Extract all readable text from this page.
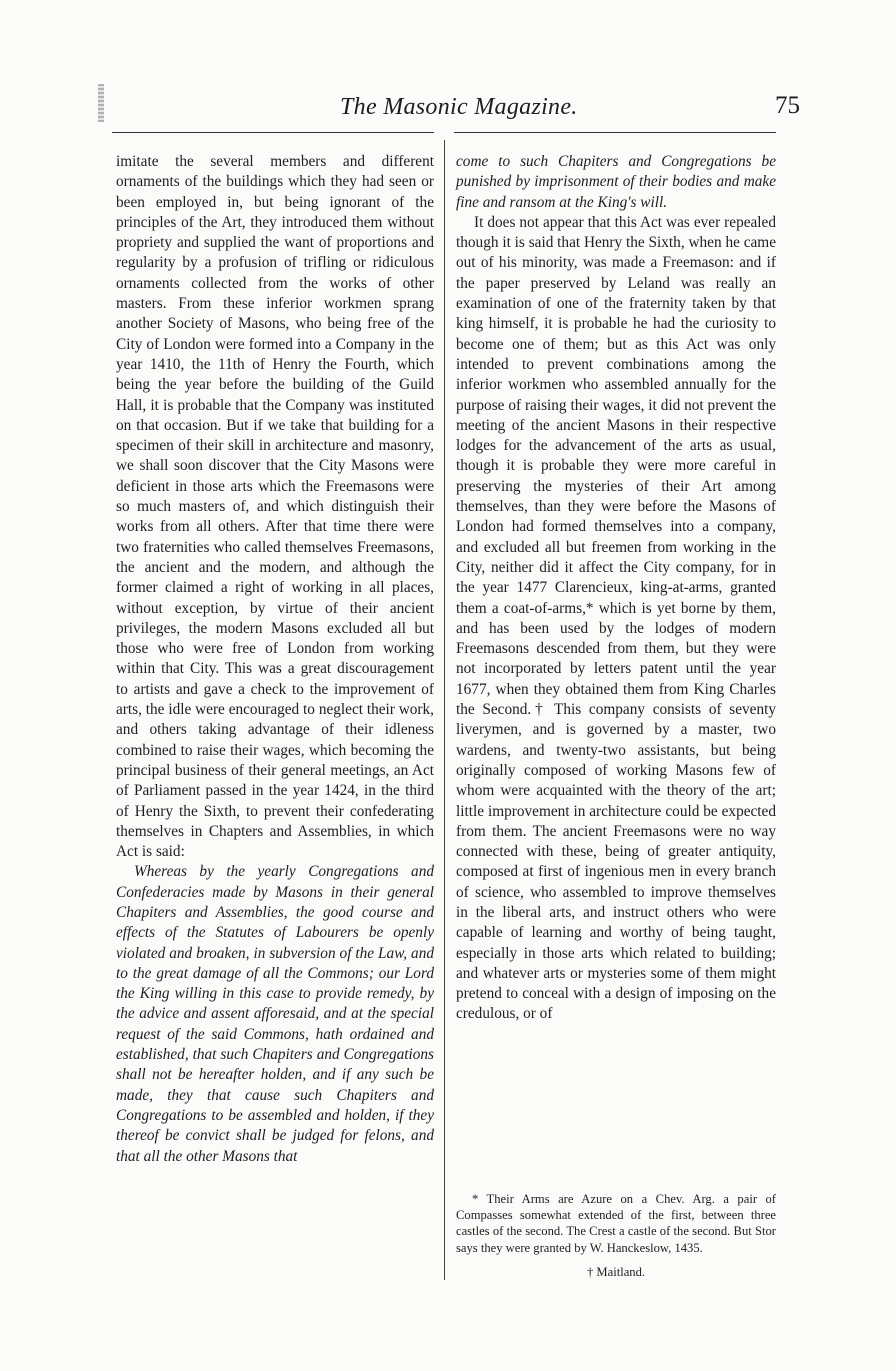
The Masonic Magazine.	75

imitate the several members and different ornaments of the buildings which they had seen or been employed in, but being ignorant of the principles of the Art, they introduced them without propriety and supplied the want of proportions and regularity by a profusion of trifling or ridiculous ornaments collected from the works of other masters. From these inferior workmen sprang another Society of Masons, who being free of the City of London were formed into a Company in the year 1410, the 11th of Henry the Fourth, which being the year before the building of the Guild Hall, it is probable that the Company was instituted on that occasion. But if we take that building for a specimen of their skill in architecture and masonry, we shall soon discover that the City Masons were deficient in those arts which the Freemasons were so much masters of, and which distinguish their works from all others. After that time there were two fraternities who called themselves Freemasons, the ancient and the modern, and although the former claimed a right of working in all places, without exception, by virtue of their ancient privileges, the modern Masons excluded all but those who were free of London from working within that City. This was a great discouragement to artists and gave a check to the improvement of arts, the idle were encouraged to neglect their work, and others taking advantage of their idleness combined to raise their wages, which becoming the principal business of their general meetings, an Act of Parliament passed in the year 1424, in the third of Henry the Sixth, to prevent their confederating themselves in Chapters and Assemblies, in which Act is said:

Whereas by the yearly Congregations and Confederacies made by Masons in their general Chapiters and Assemblies, the good course and effects of the Statutes of Labourers be openly violated and broaken, in subversion of the Law, and to the great damage of all the Commons; our Lord the King willing in this case to provide remedy, by the advice and assent afforesaid, and at the special request of the said Commons, hath ordained and established, that such Chapiters and Congregations shall not be hereafter holden, and if any such be made, they that cause such Chapiters and Congregations to be assembled and holden, if they thereof be convict shall be judged for felons, and that all the other Masons that

come to such Chapiters and Congregations be punished by imprisonment of their bodies and make fine and ransom at the King's will.

It does not appear that this Act was ever repealed though it is said that Henry the Sixth, when he came out of his minority, was made a Freemason: and if the paper preserved by Leland was really an examination of one of the fraternity taken by that king himself, it is probable he had the curiosity to become one of them; but as this Act was only intended to prevent combinations among the inferior workmen who assembled annually for the purpose of raising their wages, it did not prevent the meeting of the ancient Masons in their respective lodges for the advancement of the arts as usual, though it is probable they were more careful in preserving the mysteries of their Art among themselves, than they were before the Masons of London had formed themselves into a company, and excluded all but freemen from working in the City, neither did it affect the City company, for in the year 1477 Clarencieux, king-at-arms, granted them a coat-of-arms,* which is yet borne by them, and has been used by the lodges of modern Freemasons descended from them, but they were not incorporated by letters patent until the year 1677, when they obtained them from King Charles the Second.† This company consists of seventy liverymen, and is governed by a master, two wardens, and twenty-two assistants, but being originally composed of working Masons few of whom were acquainted with the theory of the art; little improvement in architecture could be expected from them. The ancient Freemasons were no way connected with these, being of greater antiquity, composed at first of ingenious men in every branch of science, who assembled to improve themselves in the liberal arts, and instruct others who were capable of learning and worthy of being taught, especially in those arts which related to building; and whatever arts or mysteries some of them might pretend to conceal with a design of imposing on the credulous, or of

* Their Arms are Azure on a Chev. Arg. a pair of Compasses somewhat extended of the first, between three castles of the second. The Crest a castle of the second. But Stor says they were granted by W. Hanckeslow, 1435.

† Maitland.
